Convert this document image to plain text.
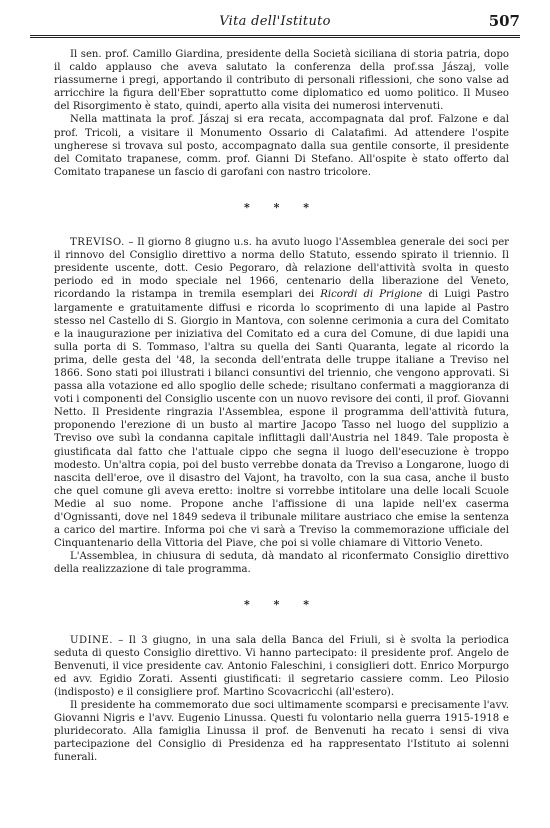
Vita dell'Istituto	507

Il sen. prof. Camillo Giardina, presidente della Società siciliana di storia patria, dopo il caldo applauso che aveva salutato la conferenza della prof.ssa Jászaj, volle riassumerne i pregi, apportando il contributo di personali riflessioni, che sono valse ad arricchire la figura dell'Eber soprattutto come diplomatico ed uomo politico. Il Museo del Risorgimento è stato, quindi, aperto alla visita dei numerosi intervenuti.

Nella mattinata la prof. Jászaj si era recata, accompagnata dal prof. Falzone e dal prof. Tricoli, a visitare il Monumento Ossario di Calatafimi. Ad attendere l'ospite ungherese si trovava sul posto, accompagnato dalla sua gentile consorte, il presidente del Comitato trapanese, comm. prof. Gianni Di Stefano. All'ospite è stato offerto dal Comitato trapanese un fascio di garofani con nastro tricolore.

* * *

TREVISO. – Il giorno 8 giugno u.s. ha avuto luogo l'Assemblea generale dei soci per il rinnovo del Consiglio direttivo a norma dello Statuto, essendo spirato il triennio. Il presidente uscente, dott. Cesio Pegoraro, dà relazione dell'attività svolta in questo periodo ed in modo speciale nel 1966, centenario della liberazione del Veneto, ricordando la ristampa in tremila esemplari dei Ricordi di Prigione di Luigi Pastro largamente e gratuitamente diffusi e ricorda lo scoprimento di una lapide al Pastro stesso nel Castello di S. Giorgio in Mantova, con solenne cerimonia a cura del Comitato e la inaugurazione per iniziativa del Comitato ed a cura del Comune, di due lapidi una sulla porta di S. Tommaso, l'altra su quella dei Santi Quaranta, legate al ricordo la prima, delle gesta del '48, la seconda dell'entrata delle truppe italiane a Treviso nel 1866. Sono stati poi illustrati i bilanci consuntivi del triennio, che vengono approvati. Si passa alla votazione ed allo spoglio delle schede; risultano confermati a maggioranza di voti i componenti del Consiglio uscente con un nuovo revisore dei conti, il prof. Giovanni Netto. Il Presidente ringrazia l'Assemblea, espone il programma dell'attività futura, proponendo l'erezione di un busto al martire Jacopo Tasso nel luogo del supplizio a Treviso ove subì la condanna capitale inflittagli dall'Austria nel 1849. Tale proposta è giustificata dal fatto che l'attuale cippo che segna il luogo dell'esecuzione è troppo modesto. Un'altra copia, poi del busto verrebbe donata da Treviso a Longarone, luogo di nascita dell'eroe, ove il disastro del Vajont, ha travolto, con la sua casa, anche il busto che quel comune gli aveva eretto: inoltre si vorrebbe intitolare una delle locali Scuole Medie al suo nome. Propone anche l'affissione di una lapide nell'ex caserma d'Ognissanti, dove nel 1849 sedeva il tribunale militare austriaco che emise la sentenza a carico del martire. Informa poi che vi sarà a Treviso la commemorazione ufficiale del Cinquantenario della Vittoria del Piave, che poi si volle chiamare di Vittorio Veneto.

L'Assemblea, in chiusura di seduta, dà mandato al riconfermato Consiglio direttivo della realizzazione di tale programma.

* * *

UDINE. – Il 3 giugno, in una sala della Banca del Friuli, si è svolta la periodica seduta di questo Consiglio direttivo. Vi hanno partecipato: il presidente prof. Angelo de Benvenuti, il vice presidente cav. Antonio Faleschini, i consiglieri dott. Enrico Morpurgo ed avv. Egidio Zorati. Assenti giustificati: il segretario cassiere comm. Leo Pilosio (indisposto) e il consigliere prof. Martino Scovacricchi (all'estero).

Il presidente ha commemorato due soci ultimamente scomparsi e precisamente l'avv. Giovanni Nigris e l'avv. Eugenio Linussa. Questi fu volontario nella guerra 1915-1918 e pluridecorato. Alla famiglia Linussa il prof. de Benvenuti ha recato i sensi di viva partecipazione del Consiglio di Presidenza ed ha rappresentato l'Istituto ai solenni funerali.
